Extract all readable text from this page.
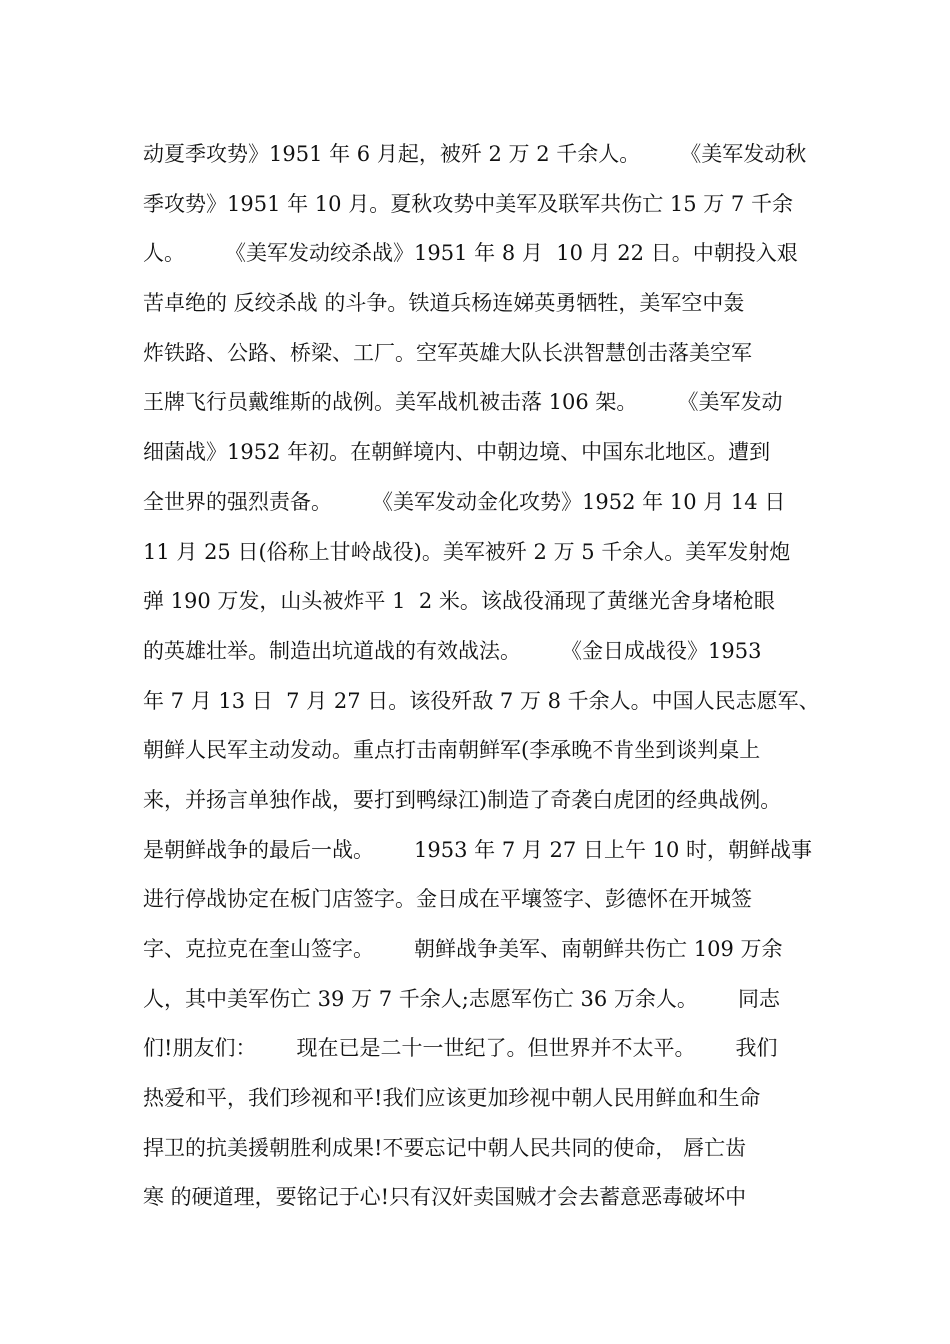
动夏季攻势》1951 年 6 月起，被歼 2 万 2 千余人。      《美军发动秋
季攻势》1951 年 10 月。夏秋攻势中美军及联军共伤亡 15 万 7 千余
人。      《美军发动绞杀战》1951 年 8 月  10 月 22 日。中朝投入艰
苦卓绝的 反绞杀战 的斗争。铁道兵杨连娣英勇牺牲，美军空中轰
炸铁路、公路、桥梁、工厂。空军英雄大队长洪智慧创击落美空军
王牌飞行员戴维斯的战例。美军战机被击落 106 架。      《美军发动
细菌战》1952 年初。在朝鲜境内、中朝边境、中国东北地区。遭到
全世界的强烈责备。      《美军发动金化攻势》1952 年 10 月 14 日
11 月 25 日(俗称上甘岭战役)。美军被歼 2 万 5 千余人。美军发射炮
弹 190 万发，山头被炸平 1  2 米。该战役涌现了黄继光舍身堵枪眼
的英雄壮举。制造出坑道战的有效战法。      《金日成战役》1953
年 7 月 13 日  7 月 27 日。该役歼敌 7 万 8 千余人。中国人民志愿军、
朝鲜人民军主动发动。重点打击南朝鲜军(李承晚不肯坐到谈判桌上
来，并扬言单独作战，要打到鸭绿江)制造了奇袭白虎团的经典战例。
是朝鲜战争的最后一战。      1953 年 7 月 27 日上午 10 时，朝鲜战事
进行停战协定在板门店签字。金日成在平壤签字、彭德怀在开城签
字、克拉克在奎山签字。      朝鲜战争美军、南朝鲜共伤亡 109 万余
人，其中美军伤亡 39 万 7 千余人;志愿军伤亡 36 万余人。      同志
们!朋友们：      现在已是二十一世纪了。但世界并不太平。      我们
热爱和平，我们珍视和平!我们应该更加珍视中朝人民用鲜血和生命
捍卫的抗美援朝胜利成果!不要忘记中朝人民共同的使命， 唇亡齿
寒 的硬道理，要铭记于心!只有汉奸卖国贼才会去蓄意恶毒破坏中
